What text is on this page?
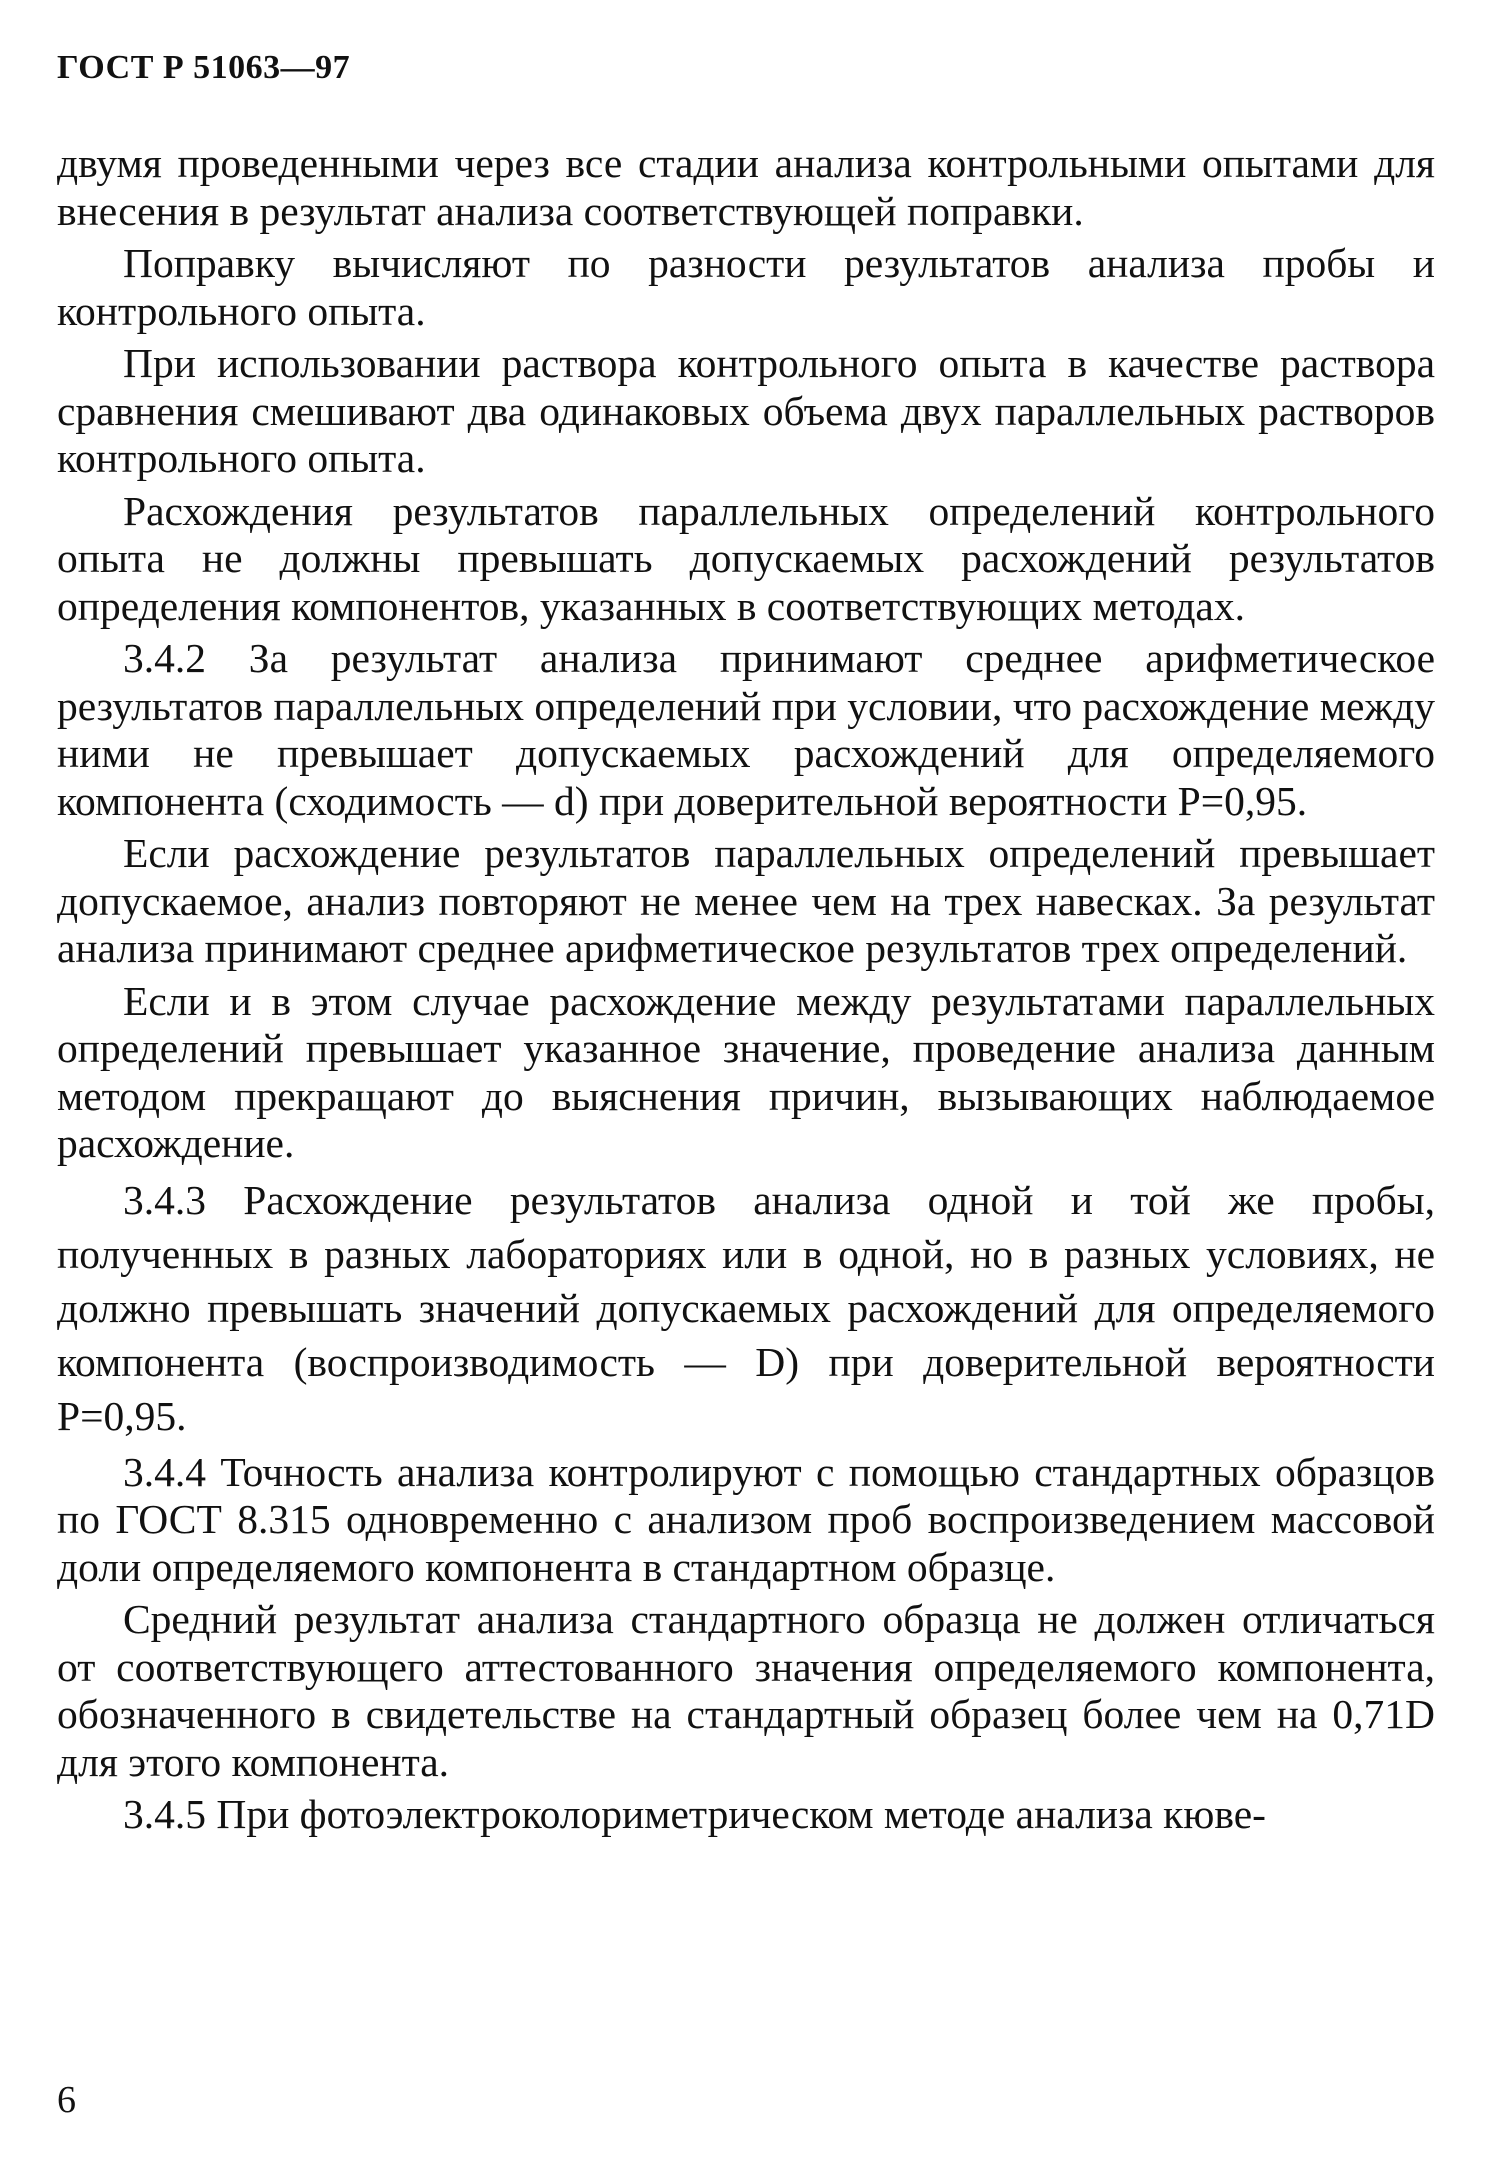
ГОСТ Р 51063—97

двумя проведенными через все стадии анализа контрольными опытами для внесения в результат анализа соответствующей поправки.

Поправку вычисляют по разности результатов анализа пробы и контрольного опыта.

При использовании раствора контрольного опыта в качестве раствора сравнения смешивают два одинаковых объема двух параллельных растворов контрольного опыта.

Расхождения результатов параллельных определений контрольного опыта не должны превышать допускаемых расхождений результатов определения компонентов, указанных в соответствующих методах.

3.4.2 За результат анализа принимают среднее арифметическое результатов параллельных определений при условии, что расхождение между ними не превышает допускаемых расхождений для определяемого компонента (сходимость — d) при доверительной вероятности P=0,95.

Если расхождение результатов параллельных определений превышает допускаемое, анализ повторяют не менее чем на трех навесках. За результат анализа принимают среднее арифметическое результатов трех определений.

Если и в этом случае расхождение между результатами параллельных определений превышает указанное значение, проведение анализа данным методом прекращают до выяснения причин, вызывающих наблюдаемое расхождение.

3.4.3 Расхождение результатов анализа одной и той же пробы, полученных в разных лабораториях или в одной, но в разных условиях, не должно превышать значений допускаемых расхождений для определяемого компонента (воспроизводимость — D) при доверительной вероятности P=0,95.

3.4.4 Точность анализа контролируют с помощью стандартных образцов по ГОСТ 8.315 одновременно с анализом проб воспроизведением массовой доли определяемого компонента в стандартном образце.

Средний результат анализа стандартного образца не должен отличаться от соответствующего аттестованного значения определяемого компонента, обозначенного в свидетельстве на стандартный образец более чем на 0,71D для этого компонента.

3.4.5 При фотоэлектроколориметрическом методе анализа кюве-

6
